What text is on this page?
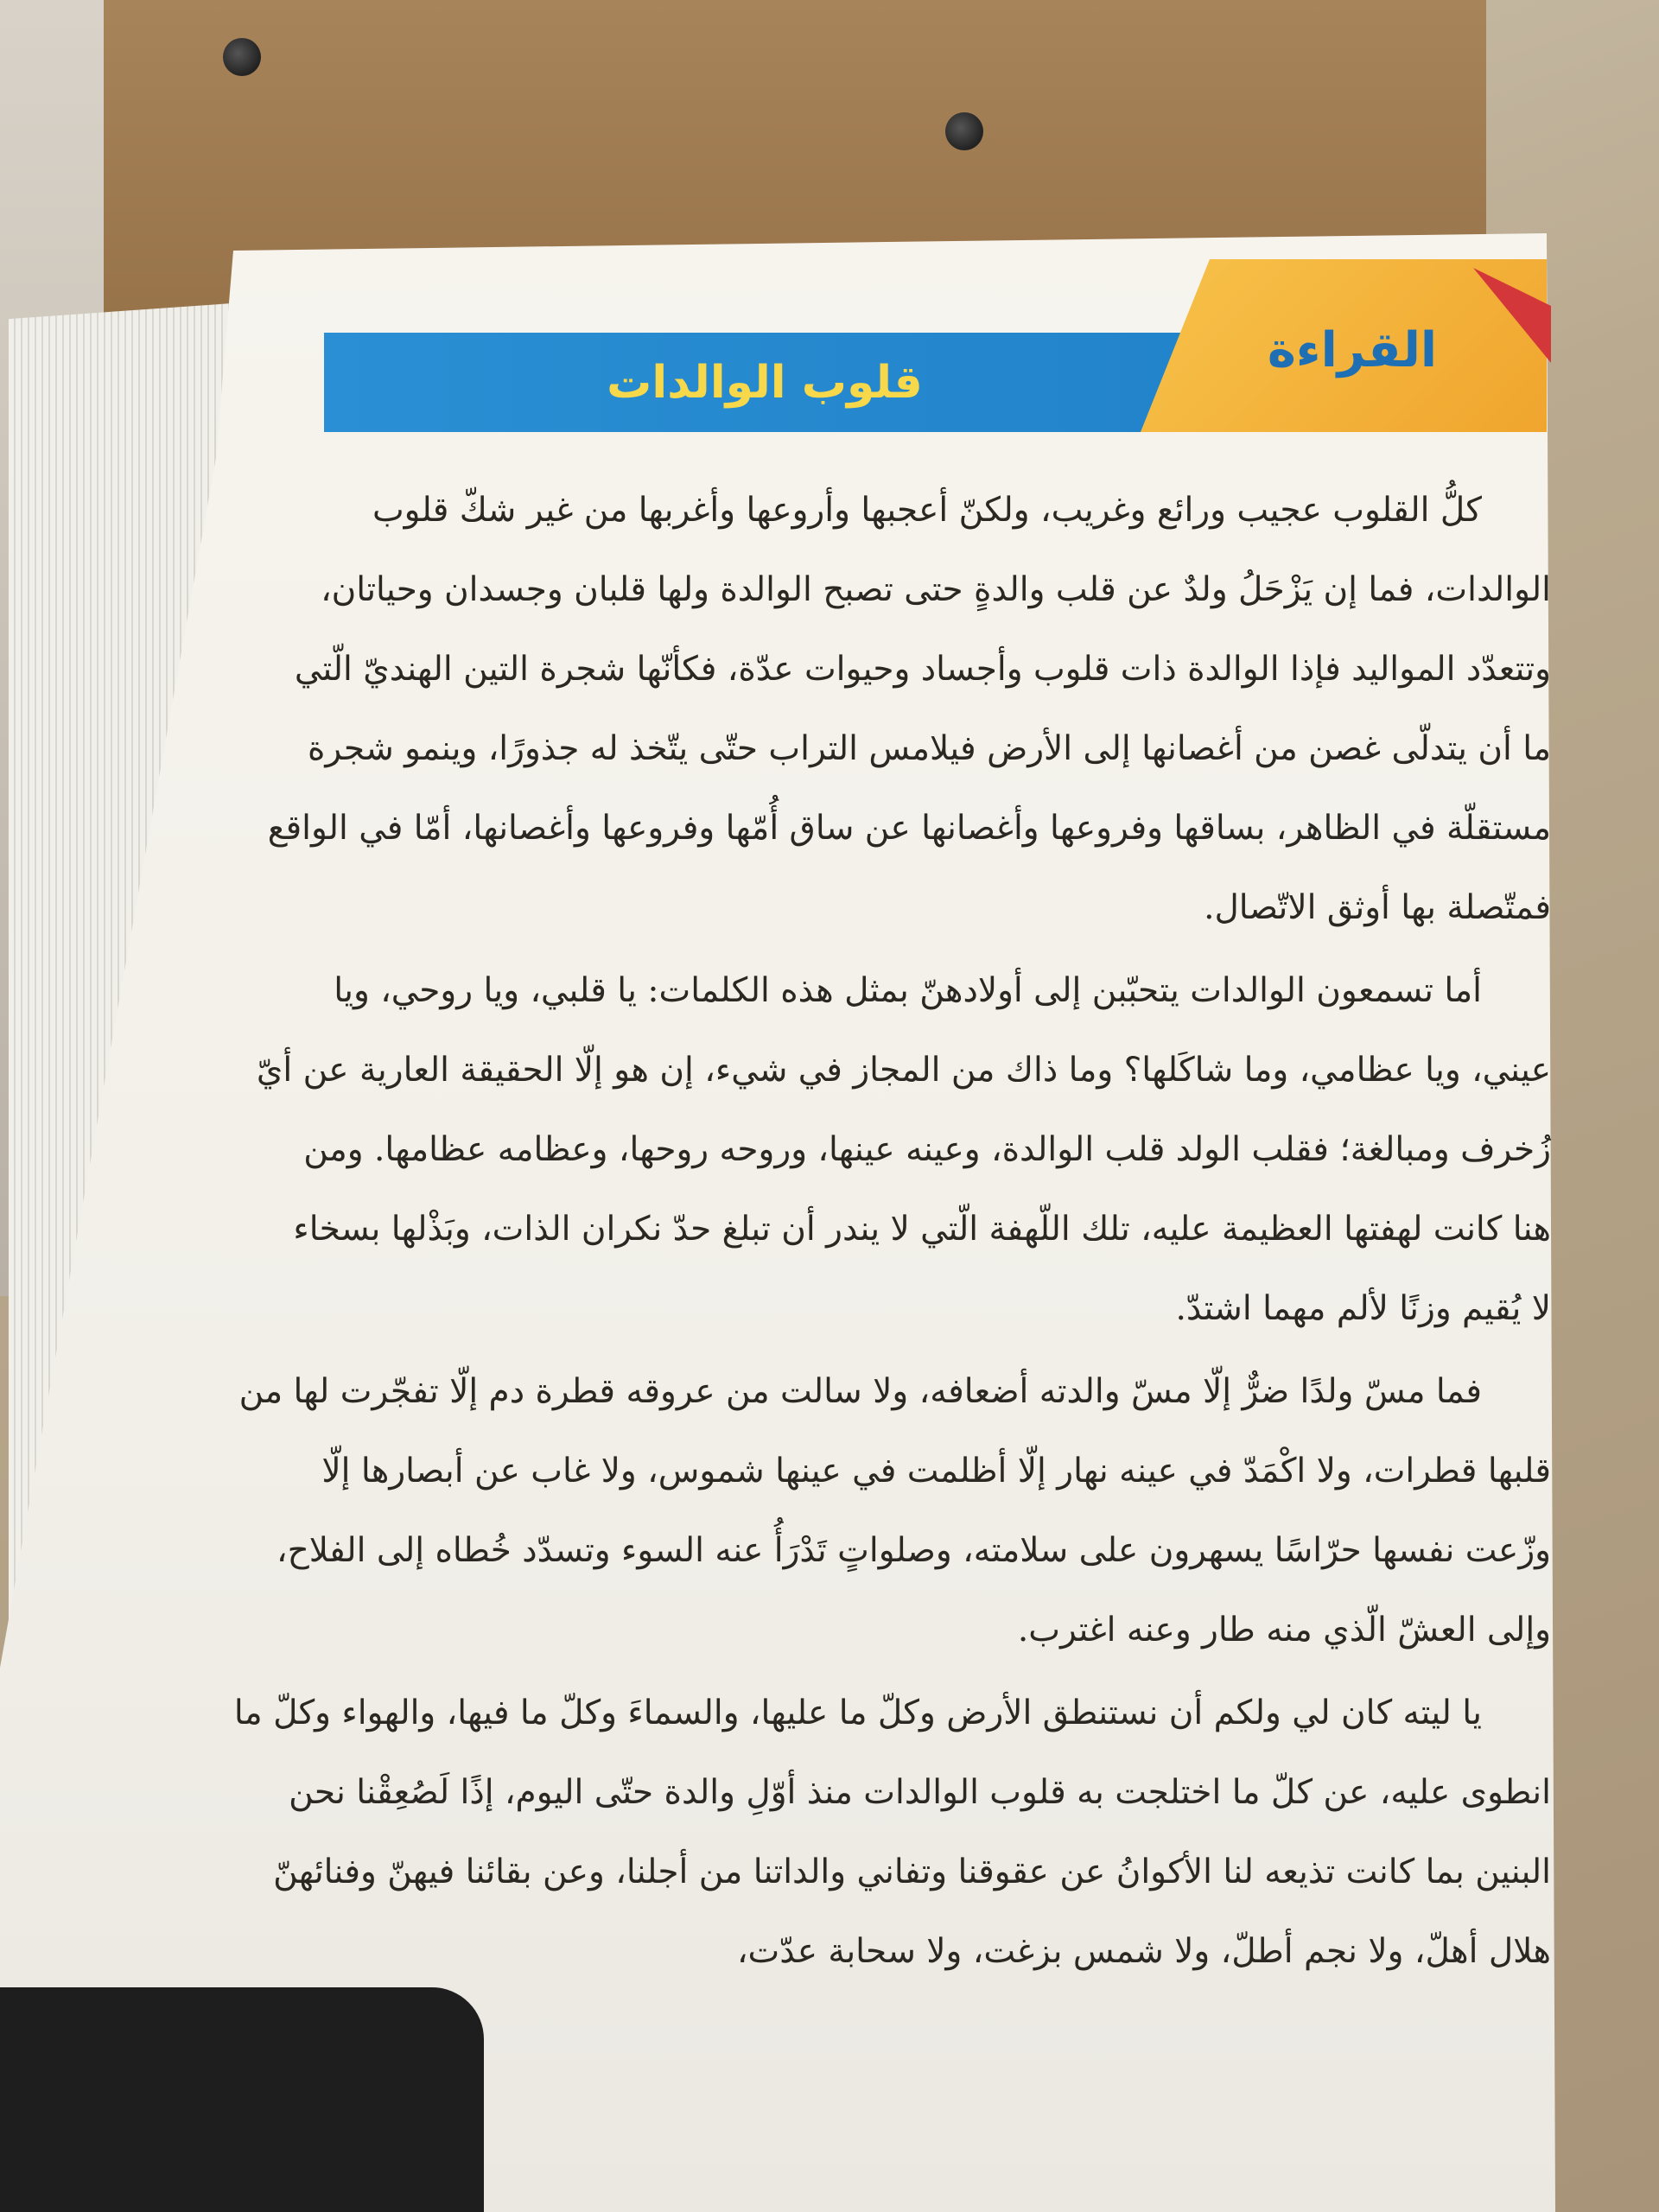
قلوب الوالدات
القراءة
كلُّ القلوب عجيب ورائع وغريب، ولكنّ أعجبها وأروعها وأغربها من غير شكّ قلوب
الوالدات، فما إن يَزْحَلُ ولدٌ عن قلب والدةٍ حتى تصبح الوالدة ولها قلبان وجسدان وحياتان،
وتتعدّد المواليد فإذا الوالدة ذات قلوب وأجساد وحيوات عدّة، فكأنّها شجرة التين الهنديّ الّتي
ما أن يتدلّى غصن من أغصانها إلى الأرض فيلامس التراب حتّى يتّخذ له جذورًا، وينمو شجرة
مستقلّة في الظاهر، بساقها وفروعها وأغصانها عن ساق أُمّها وفروعها وأغصانها، أمّا في الواقع
فمتّصلة بها أوثق الاتّصال.
أما تسمعون الوالدات يتحبّبن إلى أولادهنّ بمثل هذه الكلمات: يا قلبي، ويا روحي، ويا
عيني، ويا عظامي، وما شاكَلها؟ وما ذاك من المجاز في شيء، إن هو إلّا الحقيقة العارية عن أيّ
زُخرف ومبالغة؛ فقلب الولد قلب الوالدة، وعينه عينها، وروحه روحها، وعظامه عظامها. ومن
هنا كانت لهفتها العظيمة عليه، تلك اللّهفة الّتي لا يندر أن تبلغ حدّ نكران الذات، وبَذْلها بسخاء
لا يُقيم وزنًا لألم مهما اشتدّ.
فما مسّ ولدًا ضرٌّ إلّا مسّ والدته أضعافه، ولا سالت من عروقه قطرة دم إلّا تفجّرت لها من
قلبها قطرات، ولا اكْمَدّ في عينه نهار إلّا أظلمت في عينها شموس، ولا غاب عن أبصارها إلّا
وزّعت نفسها حرّاسًا يسهرون على سلامته، وصلواتٍ تَدْرَأُ عنه السوء وتسدّد خُطاه إلى الفلاح،
وإلى العشّ الّذي منه طار وعنه اغترب.
يا ليته كان لي ولكم أن نستنطق الأرض وكلّ ما عليها، والسماءَ وكلّ ما فيها، والهواء وكلّ ما
انطوى عليه، عن كلّ ما اختلجت به قلوب الوالدات منذ أوّلِ والدة حتّى اليوم، إذًا لَصُعِقْنا نحن
البنين بما كانت تذيعه لنا الأكوانُ عن عقوقنا وتفاني والداتنا من أجلنا، وعن بقائنا فيهنّ وفنائهنّ
هلال أهلّ، ولا نجم أطلّ، ولا شمس بزغت، ولا سحابة عدّت،
